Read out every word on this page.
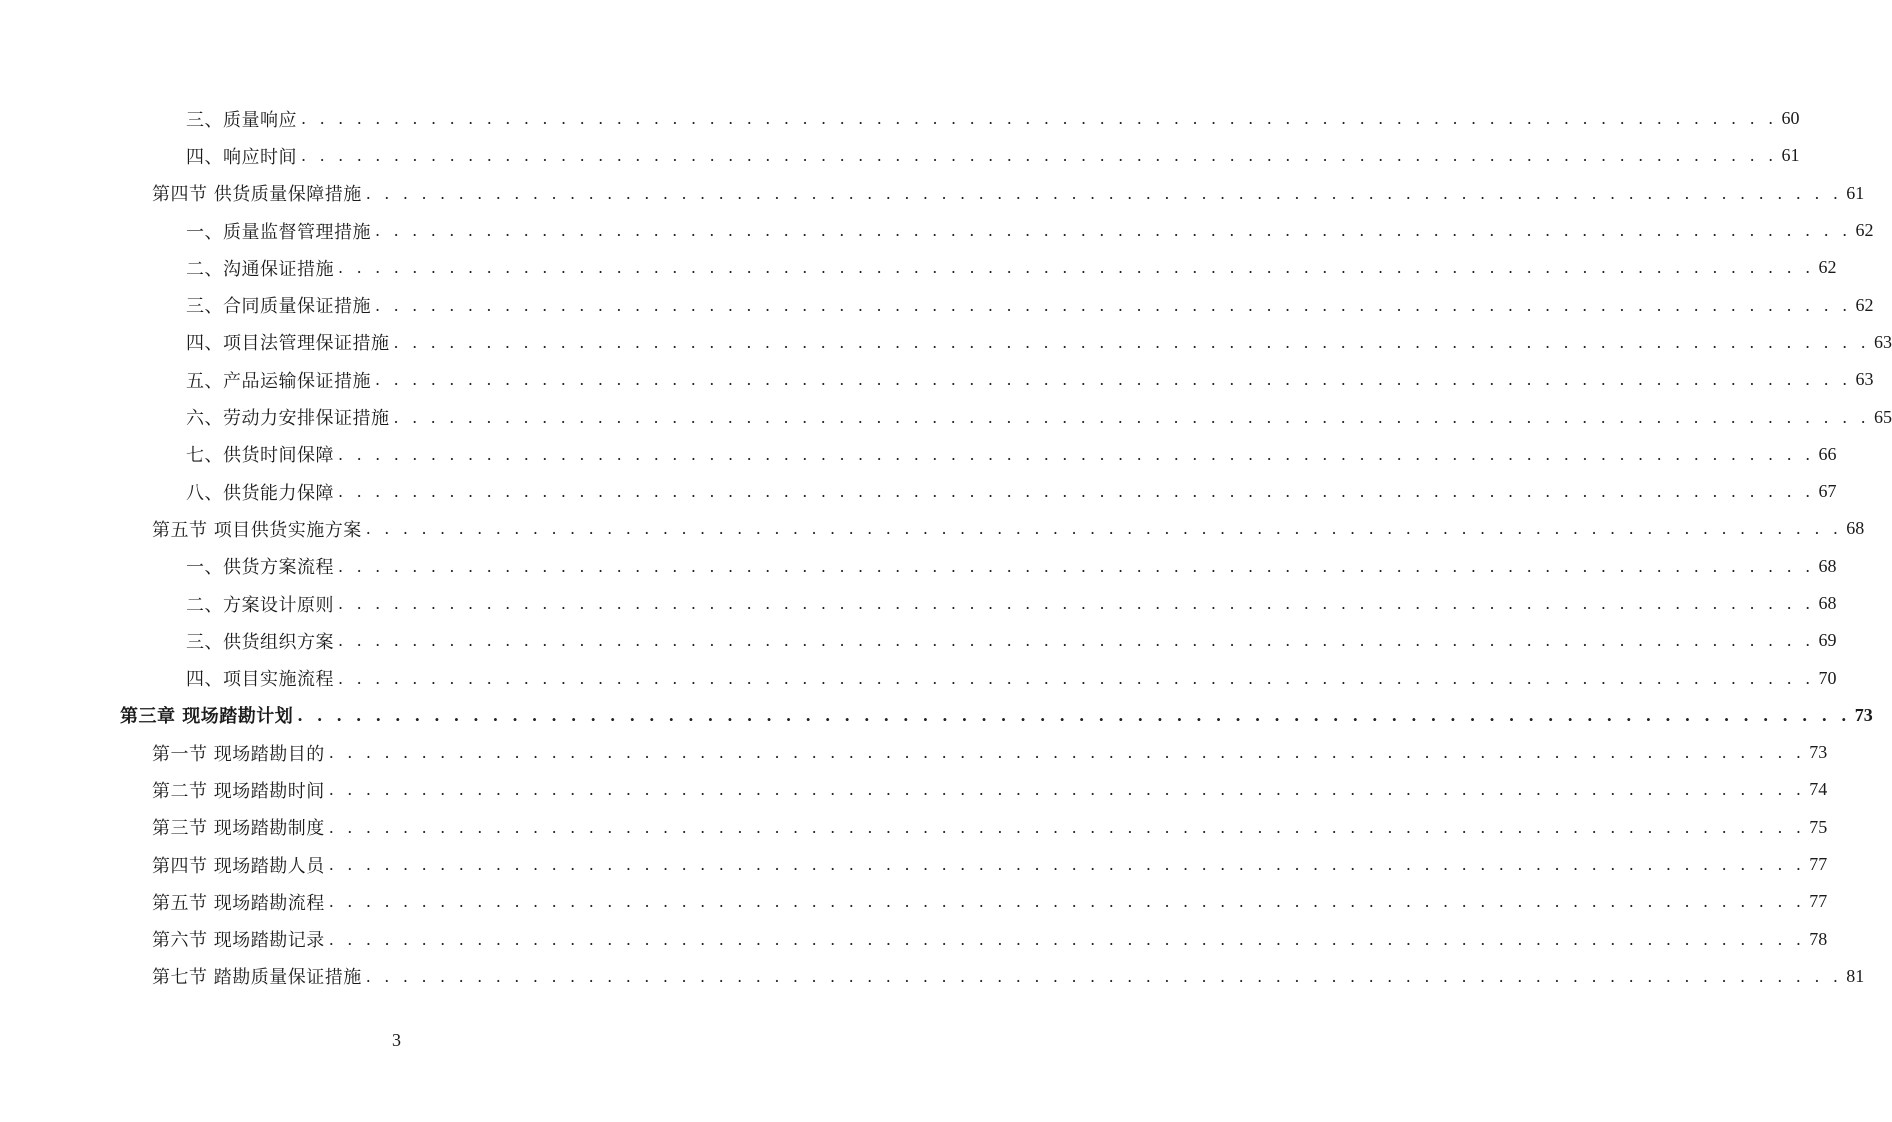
三、质量响应 . . . . . . . . . . . . . . . . . . . . . . . . . . . . . . . . . . . . . . . . . . . . . . . . . . . . . . . . . . . . . . . . . . . . . . . . . . . . . . . . 60
四、响应时间 . . . . . . . . . . . . . . . . . . . . . . . . . . . . . . . . . . . . . . . . . . . . . . . . . . . . . . . . . . . . . . . . . . . . . . . . . . . . . . . . 61
第四节 供货质量保障措施 . . . . . . . . . . . . . . . . . . . . . . . . . . . . . . . . . . . . . . . . . . . . . . . . . . . . . . . . . . . . . . . . . . . . . . . . . . . . . . . . 61
一、质量监督管理措施 . . . . . . . . . . . . . . . . . . . . . . . . . . . . . . . . . . . . . . . . . . . . . . . . . . . . . . . . . . . . . . . . . . . . . . . . . . . . . . . . 62
二、沟通保证措施 . . . . . . . . . . . . . . . . . . . . . . . . . . . . . . . . . . . . . . . . . . . . . . . . . . . . . . . . . . . . . . . . . . . . . . . . . . . . . . . . 62
三、合同质量保证措施 . . . . . . . . . . . . . . . . . . . . . . . . . . . . . . . . . . . . . . . . . . . . . . . . . . . . . . . . . . . . . . . . . . . . . . . . . . . . . . . . 62
四、项目法管理保证措施 . . . . . . . . . . . . . . . . . . . . . . . . . . . . . . . . . . . . . . . . . . . . . . . . . . . . . . . . . . . . . . . . . . . . . . . . . . . . . . . . 63
五、产品运输保证措施 . . . . . . . . . . . . . . . . . . . . . . . . . . . . . . . . . . . . . . . . . . . . . . . . . . . . . . . . . . . . . . . . . . . . . . . . . . . . . . . . 63
六、劳动力安排保证措施 . . . . . . . . . . . . . . . . . . . . . . . . . . . . . . . . . . . . . . . . . . . . . . . . . . . . . . . . . . . . . . . . . . . . . . . . . . . . . . . . 65
七、供货时间保障 . . . . . . . . . . . . . . . . . . . . . . . . . . . . . . . . . . . . . . . . . . . . . . . . . . . . . . . . . . . . . . . . . . . . . . . . . . . . . . . . 66
八、供货能力保障 . . . . . . . . . . . . . . . . . . . . . . . . . . . . . . . . . . . . . . . . . . . . . . . . . . . . . . . . . . . . . . . . . . . . . . . . . . . . . . . . 67
第五节 项目供货实施方案 . . . . . . . . . . . . . . . . . . . . . . . . . . . . . . . . . . . . . . . . . . . . . . . . . . . . . . . . . . . . . . . . . . . . . . . . . . . . . . . . 68
一、供货方案流程 . . . . . . . . . . . . . . . . . . . . . . . . . . . . . . . . . . . . . . . . . . . . . . . . . . . . . . . . . . . . . . . . . . . . . . . . . . . . . . . . 68
二、方案设计原则 . . . . . . . . . . . . . . . . . . . . . . . . . . . . . . . . . . . . . . . . . . . . . . . . . . . . . . . . . . . . . . . . . . . . . . . . . . . . . . . . 68
三、供货组织方案 . . . . . . . . . . . . . . . . . . . . . . . . . . . . . . . . . . . . . . . . . . . . . . . . . . . . . . . . . . . . . . . . . . . . . . . . . . . . . . . . 69
四、项目实施流程 . . . . . . . . . . . . . . . . . . . . . . . . . . . . . . . . . . . . . . . . . . . . . . . . . . . . . . . . . . . . . . . . . . . . . . . . . . . . . . . . 70
第三章 现场踏勘计划 . . . . . . . . . . . . . . . . . . . . . . . . . . . . . . . . . . . . . . . . . . . . . . . . . . . . . . . . . . . . . . . . . . . . . . . . . . . . . . . . 73
第一节 现场踏勘目的 . . . . . . . . . . . . . . . . . . . . . . . . . . . . . . . . . . . . . . . . . . . . . . . . . . . . . . . . . . . . . . . . . . . . . . . . . . . . . . . . 73
第二节 现场踏勘时间 . . . . . . . . . . . . . . . . . . . . . . . . . . . . . . . . . . . . . . . . . . . . . . . . . . . . . . . . . . . . . . . . . . . . . . . . . . . . . . . . 74
第三节 现场踏勘制度 . . . . . . . . . . . . . . . . . . . . . . . . . . . . . . . . . . . . . . . . . . . . . . . . . . . . . . . . . . . . . . . . . . . . . . . . . . . . . . . . 75
第四节 现场踏勘人员 . . . . . . . . . . . . . . . . . . . . . . . . . . . . . . . . . . . . . . . . . . . . . . . . . . . . . . . . . . . . . . . . . . . . . . . . . . . . . . . . 77
第五节 现场踏勘流程 . . . . . . . . . . . . . . . . . . . . . . . . . . . . . . . . . . . . . . . . . . . . . . . . . . . . . . . . . . . . . . . . . . . . . . . . . . . . . . . . 77
第六节 现场踏勘记录 . . . . . . . . . . . . . . . . . . . . . . . . . . . . . . . . . . . . . . . . . . . . . . . . . . . . . . . . . . . . . . . . . . . . . . . . . . . . . . . . 78
第七节 踏勘质量保证措施 . . . . . . . . . . . . . . . . . . . . . . . . . . . . . . . . . . . . . . . . . . . . . . . . . . . . . . . . . . . . . . . . . . . . . . . . . . . . . . . . 81
3
